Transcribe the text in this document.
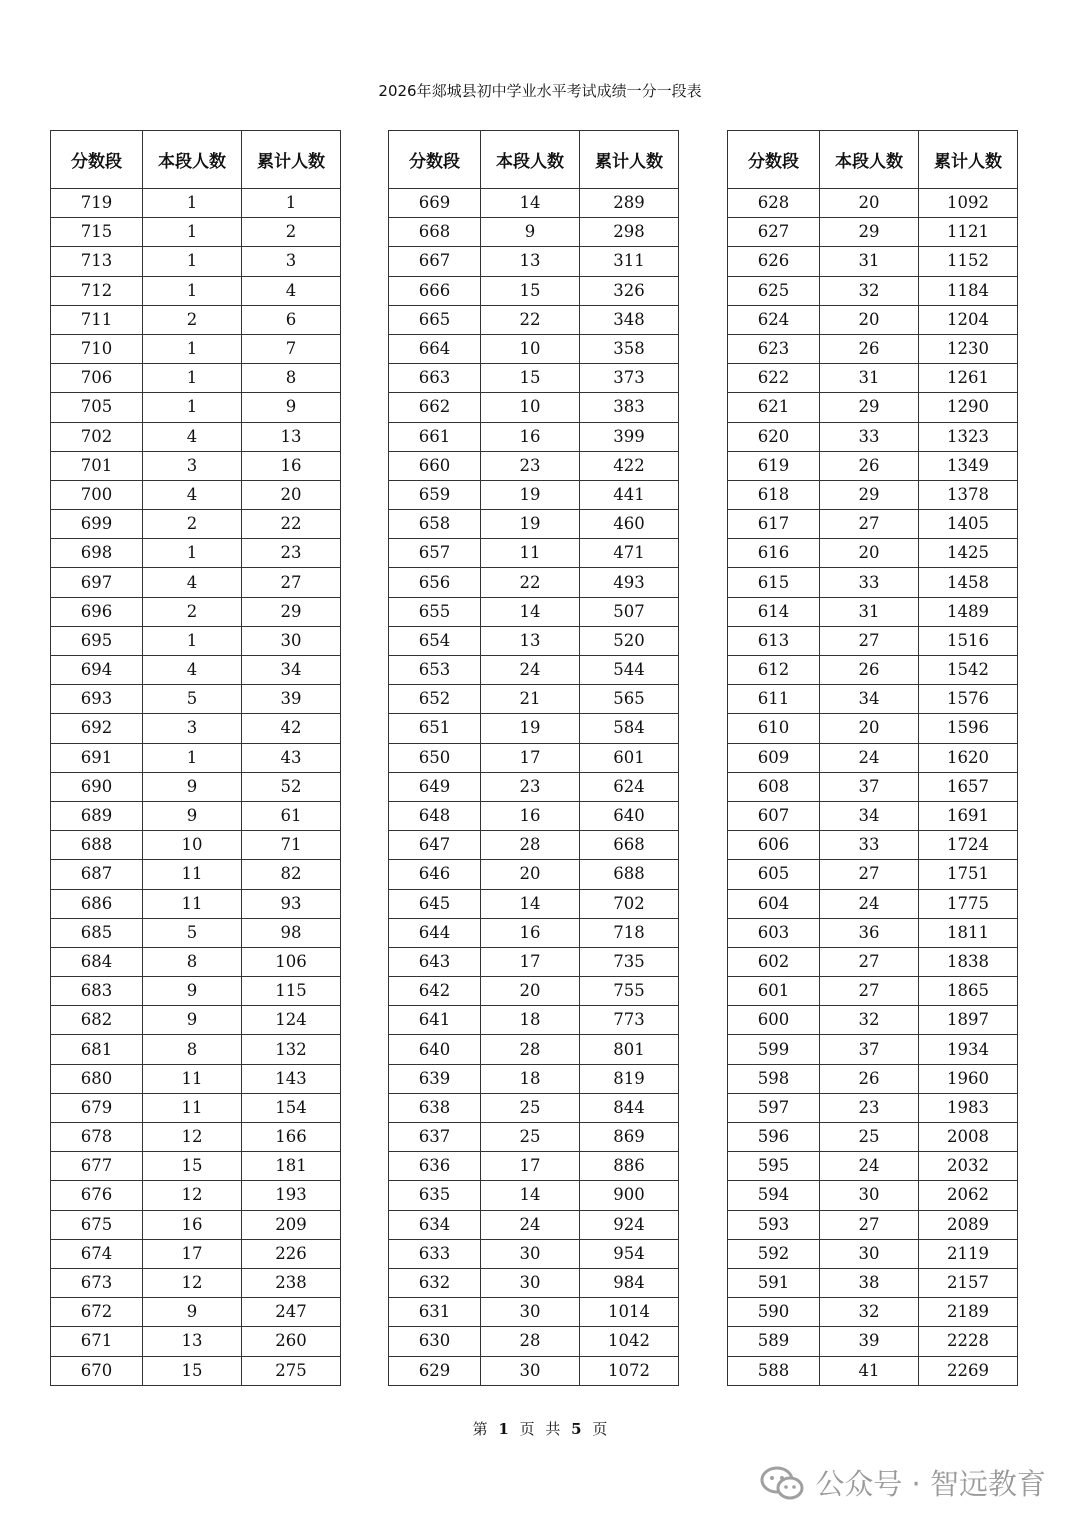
2026年郯城县初中学业水平考试成绩一分一段表
分数段	本段人数	累计人数
719	1	1
715	1	2
713	1	3
712	1	4
711	2	6
710	1	7
706	1	8
705	1	9
702	4	13
701	3	16
700	4	20
699	2	22
698	1	23
697	4	27
696	2	29
695	1	30
694	4	34
693	5	39
692	3	42
691	1	43
690	9	52
689	9	61
688	10	71
687	11	82
686	11	93
685	5	98
684	8	106
683	9	115
682	9	124
681	8	132
680	11	143
679	11	154
678	12	166
677	15	181
676	12	193
675	16	209
674	17	226
673	12	238
672	9	247
671	13	260
670	15	275
分数段	本段人数	累计人数
669	14	289
668	9	298
667	13	311
666	15	326
665	22	348
664	10	358
663	15	373
662	10	383
661	16	399
660	23	422
659	19	441
658	19	460
657	11	471
656	22	493
655	14	507
654	13	520
653	24	544
652	21	565
651	19	584
650	17	601
649	23	624
648	16	640
647	28	668
646	20	688
645	14	702
644	16	718
643	17	735
642	20	755
641	18	773
640	28	801
639	18	819
638	25	844
637	25	869
636	17	886
635	14	900
634	24	924
633	30	954
632	30	984
631	30	1014
630	28	1042
629	30	1072
分数段	本段人数	累计人数
628	20	1092
627	29	1121
626	31	1152
625	32	1184
624	20	1204
623	26	1230
622	31	1261
621	29	1290
620	33	1323
619	26	1349
618	29	1378
617	27	1405
616	20	1425
615	33	1458
614	31	1489
613	27	1516
612	26	1542
611	34	1576
610	20	1596
609	24	1620
608	37	1657
607	34	1691
606	33	1724
605	27	1751
604	24	1775
603	36	1811
602	27	1838
601	27	1865
600	32	1897
599	37	1934
598	26	1960
597	23	1983
596	25	2008
595	24	2032
594	30	2062
593	27	2089
592	30	2119
591	38	2157
590	32	2189
589	39	2228
588	41	2269
第 1 页 共 5 页
公众号 · 智远教育
